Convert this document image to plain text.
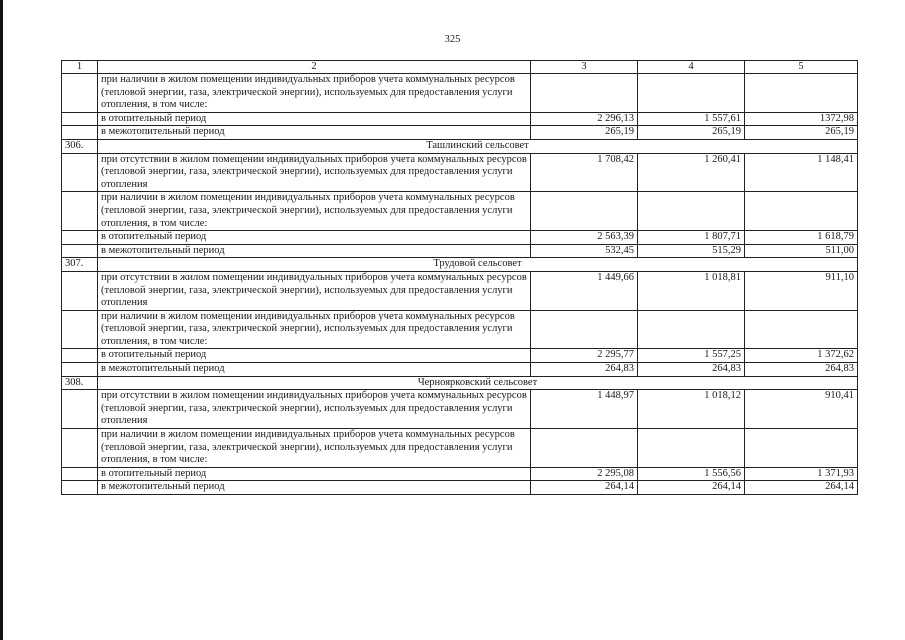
325
1	2	3	4	5
	при наличии в жилом помещении индивидуальных приборов учета коммунальных ресурсов (тепловой энергии, газа, электрической энергии), используемых для предоставления услуги отопления, в том числе:			
	в отопительный период	2 296,13	1 557,61	1372,98
	в межотопительный период	265,19	265,19	265,19
306.	Ташлинский сельсовет			
	при отсутствии в жилом помещении индивидуальных приборов учета коммунальных ресурсов (тепловой энергии, газа, электрической энергии), используемых для предоставления услуги отопления	1 708,42	1 260,41	1 148,41
	при наличии в жилом помещении индивидуальных приборов учета коммунальных ресурсов (тепловой энергии, газа, электрической энергии), используемых для предоставления услуги отопления, в том числе:			
	в отопительный период	2 563,39	1 807,71	1 618,79
	в межотопительный период	532,45	515,29	511,00
307.	Трудовой сельсовет			
	при отсутствии в жилом помещении индивидуальных приборов учета коммунальных ресурсов (тепловой энергии, газа, электрической энергии), используемых для предоставления услуги отопления	1 449,66	1 018,81	911,10
	при наличии в жилом помещении индивидуальных приборов учета коммунальных ресурсов (тепловой энергии, газа, электрической энергии), используемых для предоставления услуги отопления, в том числе:			
	в отопительный период	2 295,77	1 557,25	1 372,62
	в межотопительный период	264,83	264,83	264,83
308.	Черноярковский сельсовет			
	при отсутствии в жилом помещении индивидуальных приборов учета коммунальных ресурсов (тепловой энергии, газа, электрической энергии), используемых для предоставления услуги отопления	1 448,97	1 018,12	910,41
	при наличии в жилом помещении индивидуальных приборов учета коммунальных ресурсов (тепловой энергии, газа, электрической энергии), используемых для предоставления услуги отопления, в том числе:			
	в отопительный период	2 295,08	1 556,56	1 371,93
	в межотопительный период	264,14	264,14	264,14
